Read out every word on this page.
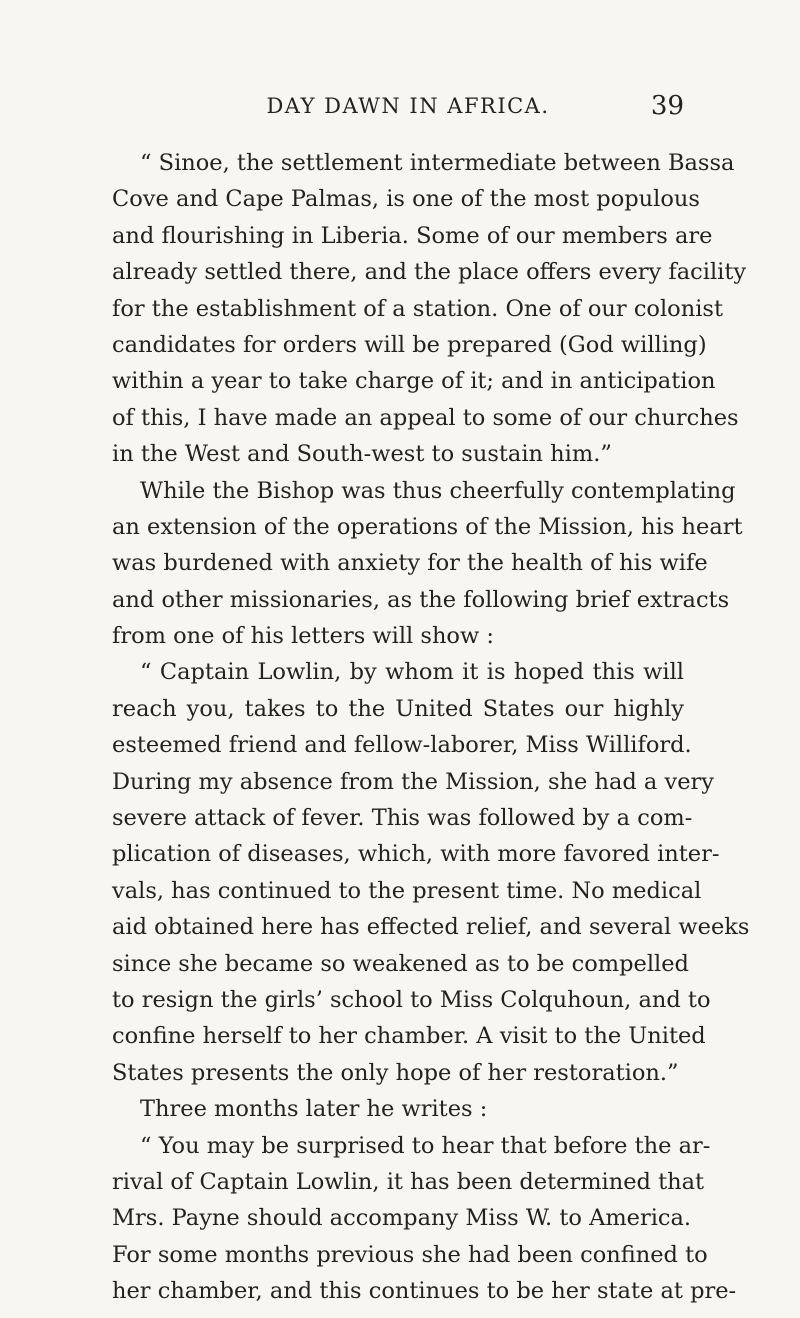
DAY DAWN IN AFRICA.	39
“ Sinoe, the settlement intermediate between Bassa
Cove and Cape Palmas, is one of the most populous
and flourishing in Liberia. Some of our members are
already settled there, and the place offers every facility
for the establishment of a station. One of our colonist
candidates for orders will be prepared (God willing)
within a year to take charge of it; and in anticipation
of this, I have made an appeal to some of our churches
in the West and South-west to sustain him.”
While the Bishop was thus cheerfully contemplating
an extension of the operations of the Mission, his heart
was burdened with anxiety for the health of his wife
and other missionaries, as the following brief extracts
from one of his letters will show :
“ Captain Lowlin, by whom it is hoped this will
reach you, takes to the United States our highly
esteemed friend and fellow-laborer, Miss Williford.
During my absence from the Mission, she had a very
severe attack of fever. This was followed by a com-
plication of diseases, which, with more favored inter-
vals, has continued to the present time. No medical
aid obtained here has effected relief, and several weeks
since she became so weakened as to be compelled
to resign the girls’ school to Miss Colquhoun, and to
confine herself to her chamber. A visit to the United
States presents the only hope of her restoration.”
Three months later he writes :
“ You may be surprised to hear that before the ar-
rival of Captain Lowlin, it has been determined that
Mrs. Payne should accompany Miss W. to America.
For some months previous she had been confined to
her chamber, and this continues to be her state at pre-
